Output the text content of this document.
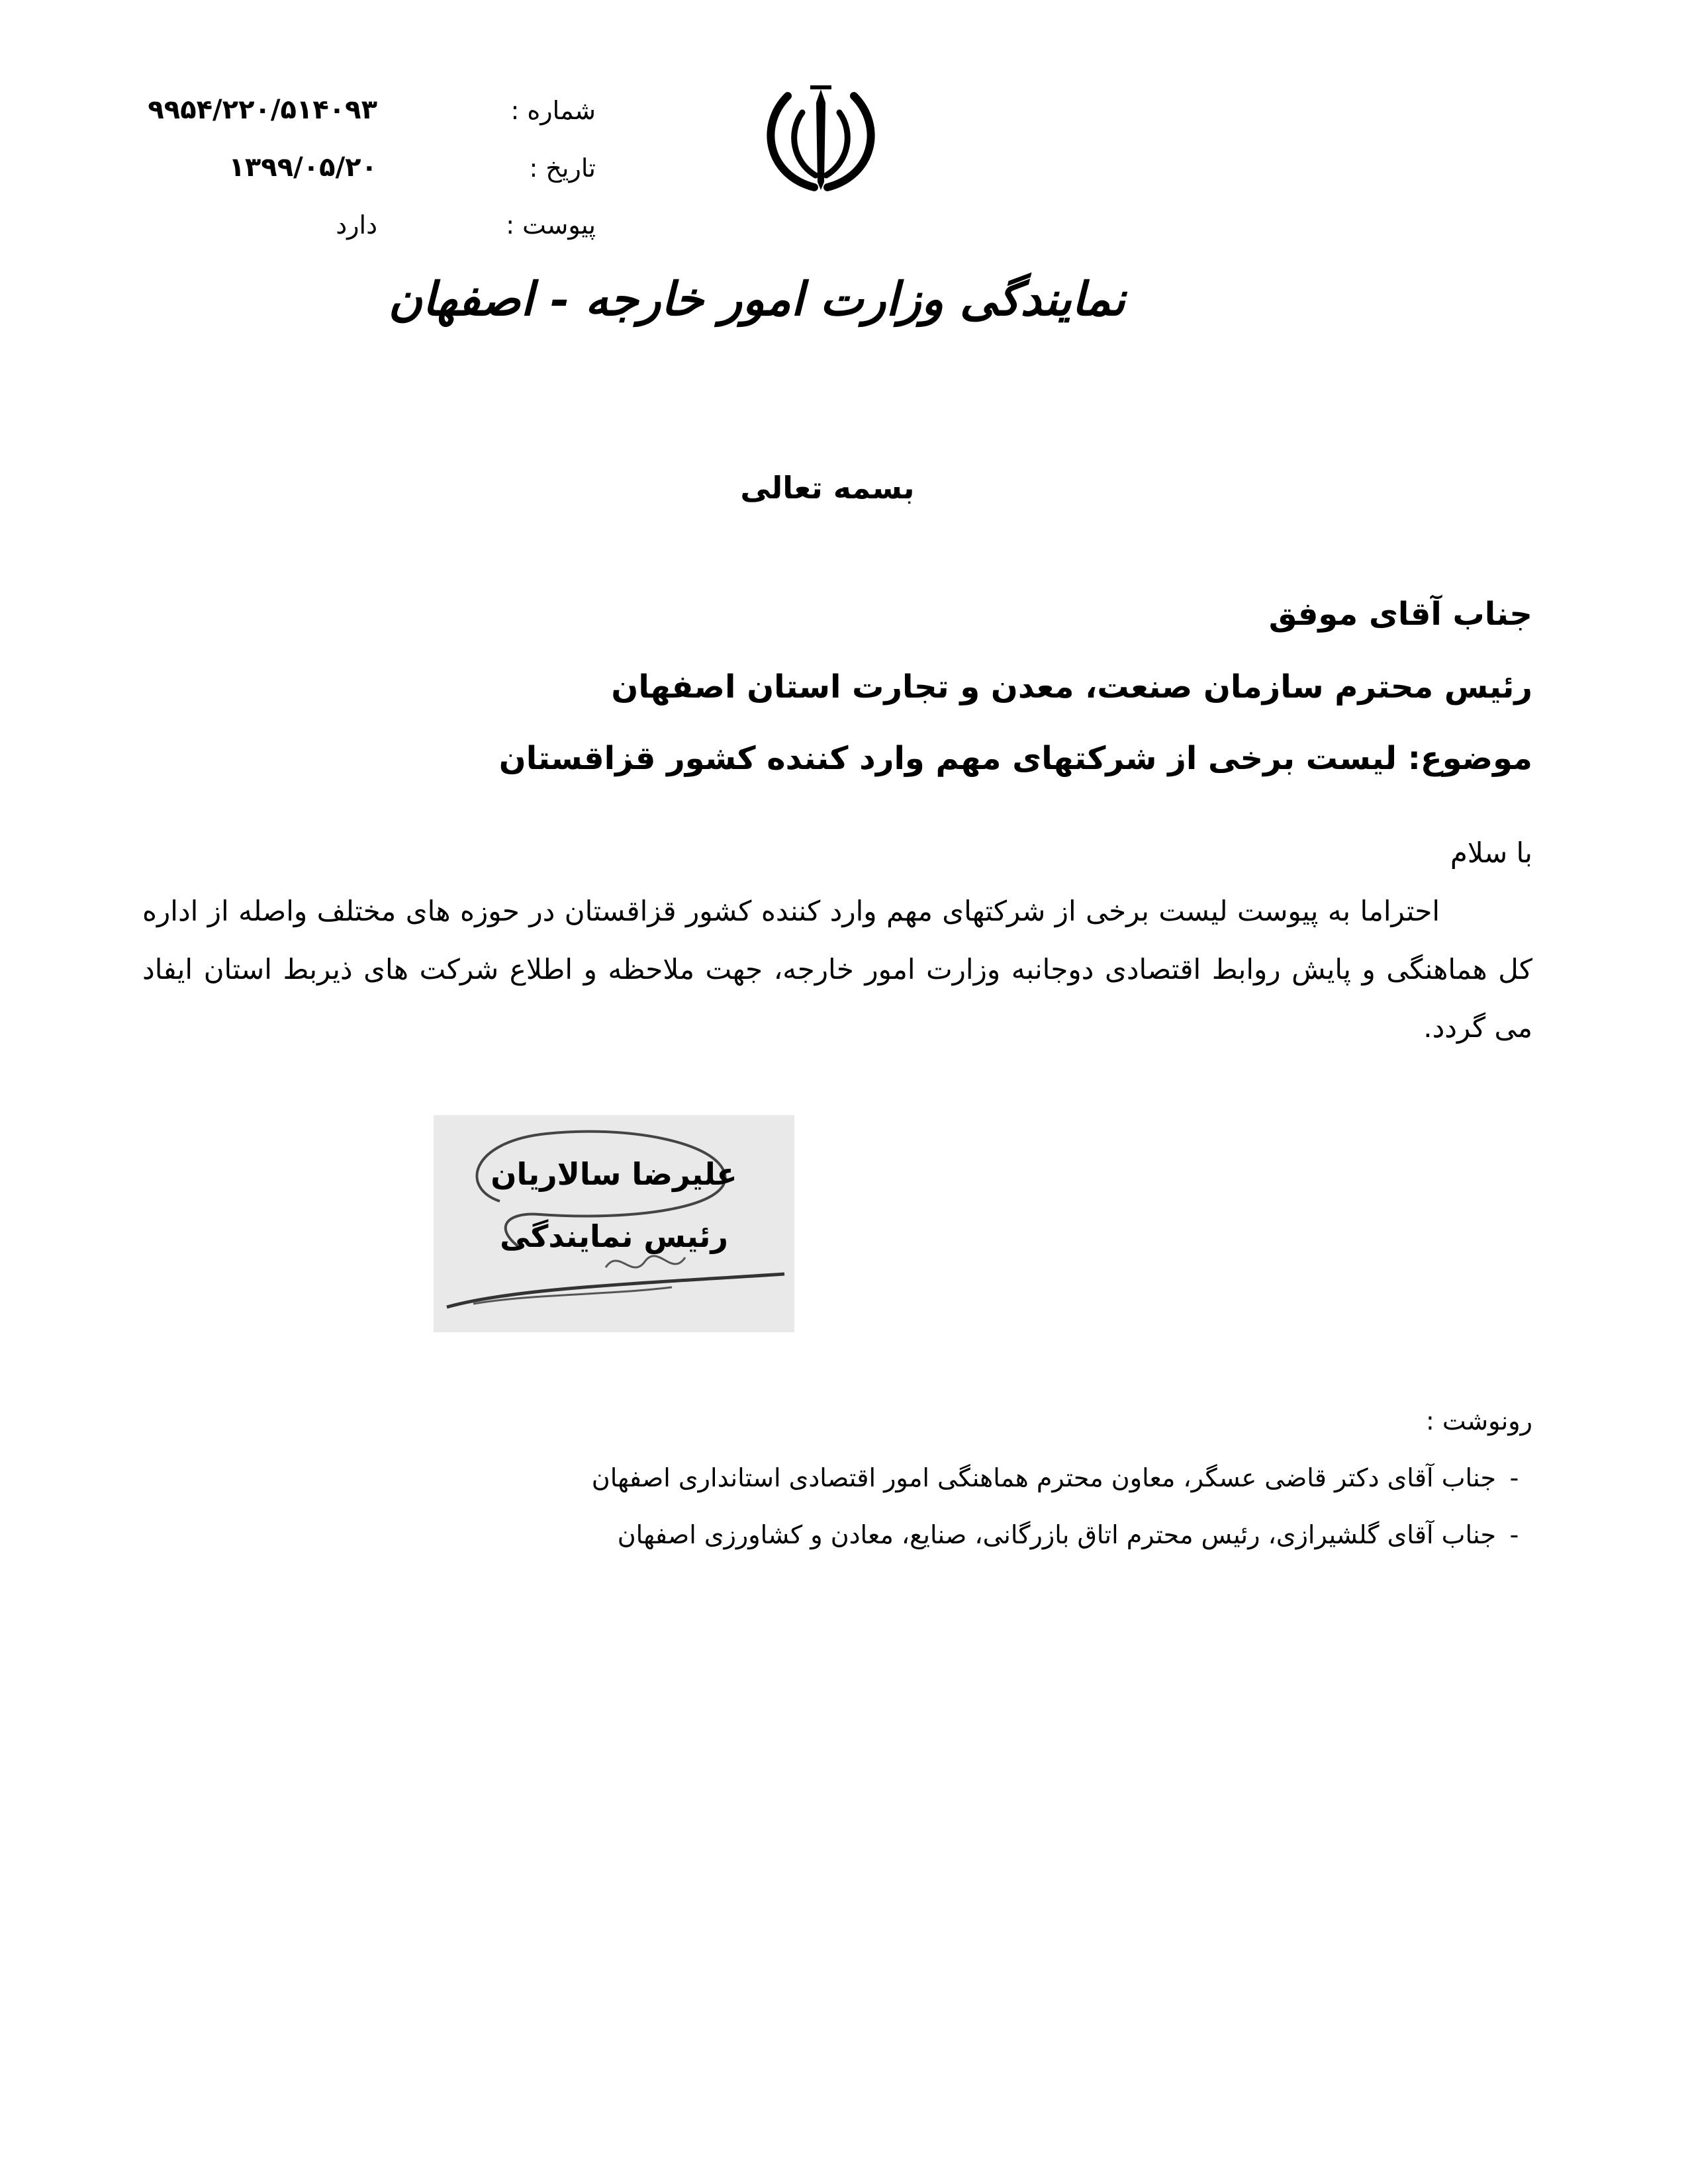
شماره :
۹۹۵۴/۲۲۰/۵۱۴۰۹۳
تاریخ :
۱۳۹۹/۰۵/۲۰
پیوست :
دارد
نمایندگی وزارت امور خارجه - اصفهان
بسمه تعالی
جناب آقای موفق
رئیس محترم سازمان صنعت، معدن و تجارت استان اصفهان
موضوع: لیست برخی از شرکتهای مهم وارد کننده کشور قزاقستان

با سلام

احتراما به پیوست لیست برخی از شرکتهای مهم وارد کننده کشور قزاقستان در حوزه های مختلف واصله از اداره کل هماهنگی و پایش روابط اقتصادی دوجانبه وزارت امور خارجه، جهت ملاحظه و اطلاع شرکت های ذیربط استان ایفاد می گردد.

علیرضا سالاریان
رئیس نمایندگی
رونوشت :
-جناب آقای دکتر قاضی عسگر، معاون محترم هماهنگی امور اقتصادی استانداری اصفهان
-جناب آقای گلشیرازی، رئیس محترم اتاق بازرگانی، صنایع، معادن و کشاورزی اصفهان
